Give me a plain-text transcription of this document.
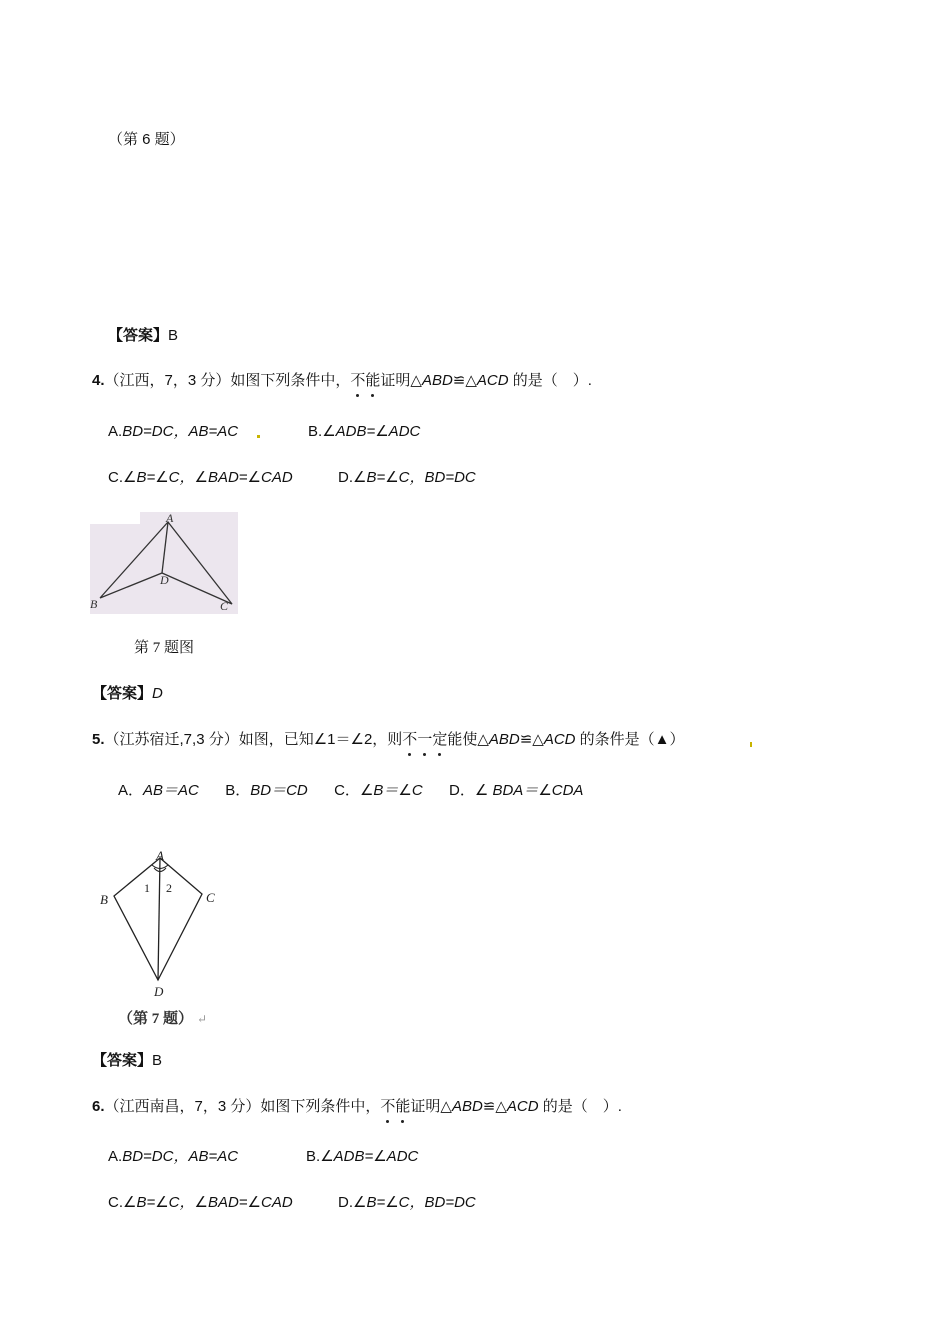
（第 6 题）
【答案】B
4.（江西，7，3 分）如图下列条件中，不能证明△ABD≌△ACD 的是（　）.
A.BD=DC，AB=AC	B.∠ADB=∠ADC
C.∠B=∠C，∠BAD=∠CAD	D.∠B=∠C，BD=DC
A
B	C
D
第 7 题图
【答案】D
5.（江苏宿迁,7,3 分）如图，已知∠1＝∠2，则不一定能使△ABD≌△ACD 的条件是（▲）
A．AB＝AC B．BD＝CD C．∠B＝∠C D．∠ BDA＝∠CDA
A
B	C
D
1 2
（第 7 题） ↵
【答案】B
6.（江西南昌，7，3 分）如图下列条件中，不能证明△ABD≌△ACD 的是（　）.
A.BD=DC，AB=AC	B.∠ADB=∠ADC
C.∠B=∠C，∠BAD=∠CAD	D.∠B=∠C，BD=DC
